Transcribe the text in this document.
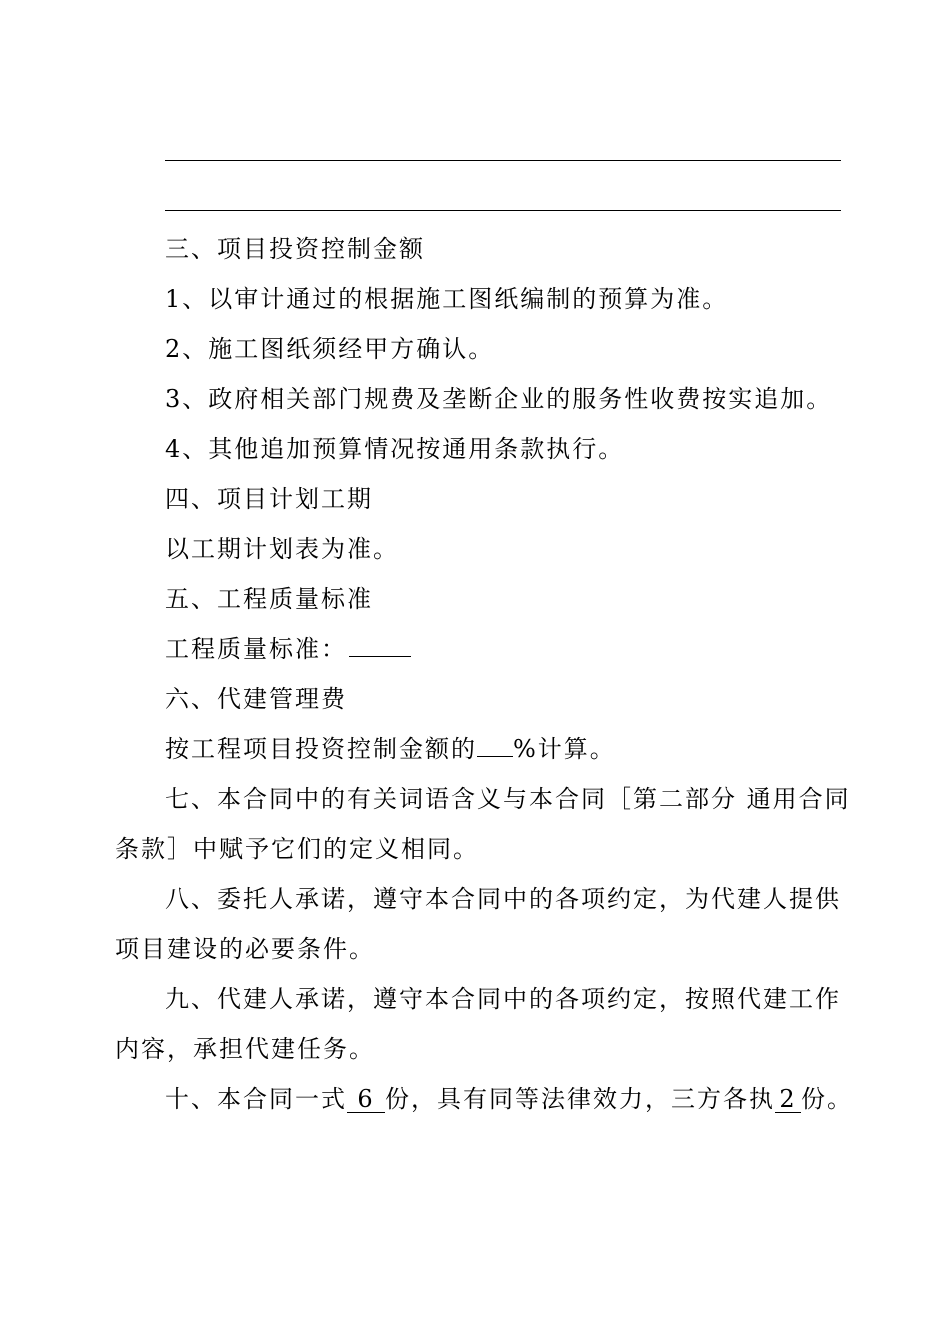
三、项目投资控制金额
1、以审计通过的根据施工图纸编制的预算为准。
2、施工图纸须经甲方确认。
3、政府相关部门规费及垄断企业的服务性收费按实追加。
4、其他追加预算情况按通用条款执行。
四、项目计划工期
以工期计划表为准。
五、工程质量标准
工程质量标准：
六、代建管理费
按工程项目投资控制金额的 %计算。
七、本合同中的有关词语含义与本合同［第二部分 通用合同
条款］中赋予它们的定义相同。
八、委托人承诺，遵守本合同中的各项约定，为代建人提供
项目建设的必要条件。
九、代建人承诺，遵守本合同中的各项约定，按照代建工作
内容，承担代建任务。
十、本合同一式 6 份，具有同等法律效力，三方各执 2 份。
